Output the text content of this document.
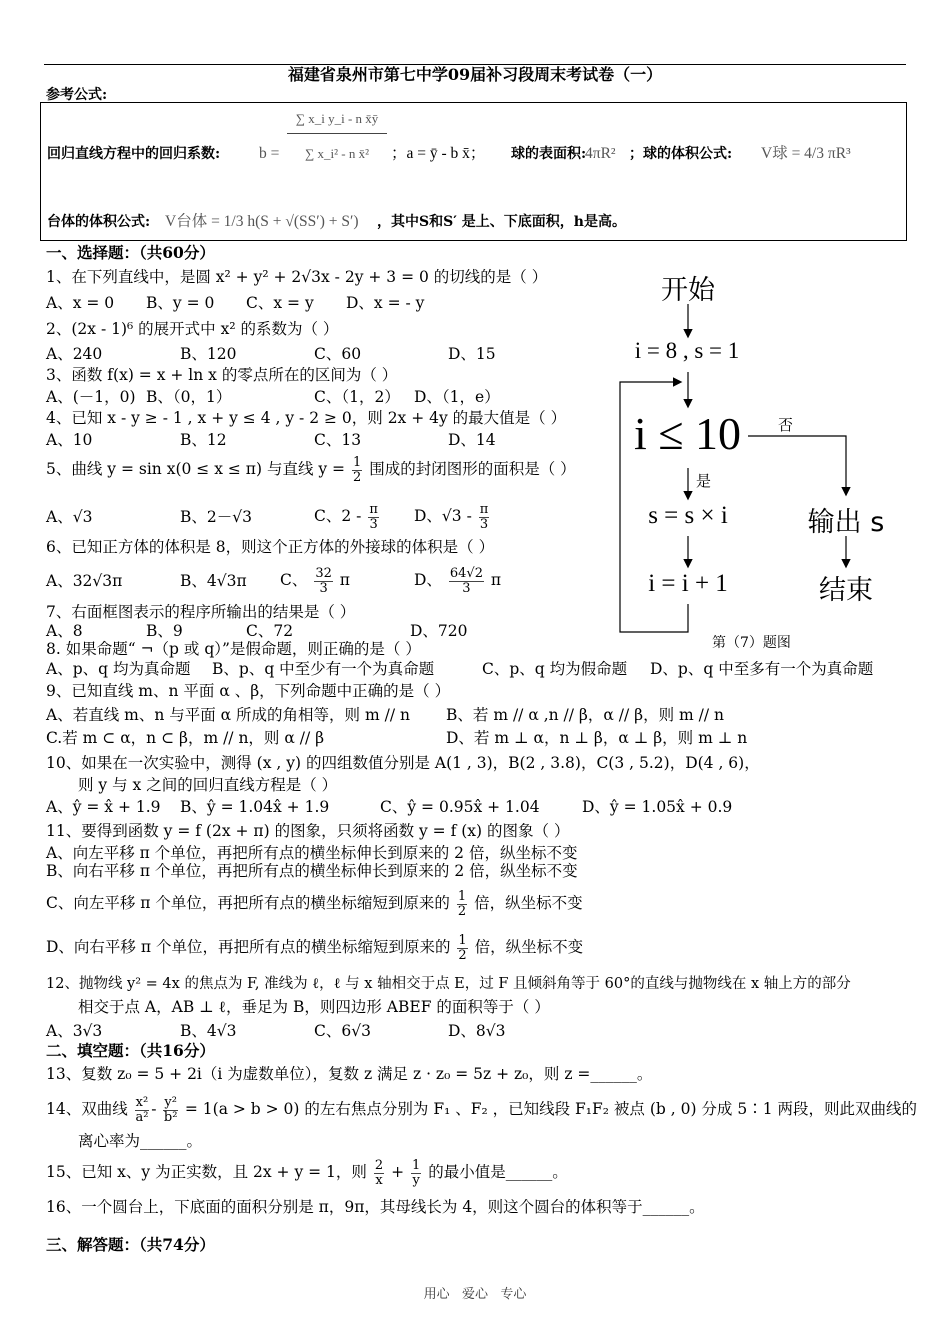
福建省泉州市第七中学09届补习段周末考试卷（一）
参考公式:
回归直线方程中的回归系数:	$b = \frac{\text{∑ x\_i y\_i - n x̄ȳ}}{\text{∑ x\_i² - n x̄²}}$ ；a = ȳ - b x̄； 球的表面积:
4πR² ；球的体积公式: V球 = 4/3 πR³
台体的体积公式: V台体 = 1/3 h(S + √(SS′) + S′) ，其中S和S′ 是上、下底面积，h是高。
一、选择题：（共60分）
1、在下列直线中，是圆 x² + y² + 2√3x - 2y + 3 = 0 的切线的是（ ）
A、x = 0 B、y = 0 C、x = y D、x = - y
2、(2x - 1)⁶ 的展开式中 x² 的系数为（ ）
A、240	B、120	C、60	D、15
3、函数 f(x) = x + ln x 的零点所在的区间为（ ）
A、(－1，0) B、（0，1）	C、（1，2） D、（1，e）
4、已知 x - y ≥ - 1 , x + y ≤ 4 , y - 2 ≥ 0，则 2x + 4y 的最大值是（ ）
A、10	B、12	C、13	D、14
5、曲线 y = sin x(0 ≤ x ≤ π) 与直线 $y = \frac{1}{2}$ 围成的封闭图形的面积是（ ）
A、√3	B、2－√3	C、$2 - \frac{\pi}{3}$ D、$√3 - \frac{\pi}{3}$
6、已知正方体的体积是 8，则这个正方体的外接球的体积是（ ）
A、32√3π	B、4√3π C、 $\frac{32}{3}$ π	D、 $\frac{64√2}{3}$ π
7、右面框图表示的程序所输出的结果是（ ）
A、8	B、9	C、72	D、720
8. 如果命题“ ¬（p 或 q）”是假命题，则正确的是（ ）
A、p、q 均为真命题 B、p、q 中至少有一个为真命题	C、p、q 均为假命题 D、p、q 中至多有一个为真命题
9、已知直线 m、n 平面 α 、β，下列命题中正确的是（ ）
A、若直线 m、n 与平面 α 所成的角相等，则 m // n B、若 m // α ,n // β，α // β，则 m // n
C.若 m ⊂ α，n ⊂ β，m // n，则 α // β	D、若 m ⊥ α，n ⊥ β，α ⊥ β，则 m ⊥ n
10、如果在一次实验中，测得 (x , y) 的四组数值分别是 A(1 , 3)，B(2 , 3.8)，C(3 , 5.2)，D(4 , 6)，
则 y 与 x 之间的回归直线方程是（ ）
A、ŷ = x̂ + 1.9 B、ŷ = 1.04x̂ + 1.9	C、ŷ = 0.95x̂ + 1.04	D、ŷ = 1.05x̂ + 0.9
11、要得到函数 y = f (2x + π) 的图象，只须将函数 y = f (x) 的图象（ ）
A、向左平移 π 个单位，再把所有点的横坐标伸长到原来的 2 倍，纵坐标不变
B、向右平移 π 个单位，再把所有点的横坐标伸长到原来的 2 倍，纵坐标不变
C、向左平移 π 个单位，再把所有点的横坐标缩短到原来的 $\frac{1}{2}$ 倍，纵坐标不变
D、向右平移 π 个单位，再把所有点的横坐标缩短到原来的 $\frac{1}{2}$ 倍，纵坐标不变
12、抛物线 y² = 4x 的焦点为 F, 准线为 ℓ，ℓ 与 x 轴相交于点 E，过 F 且倾斜角等于 60°的直线与抛物线在 x 轴上方的部分
相交于点 A，AB ⊥ ℓ，垂足为 B，则四边形 ABEF 的面积等于（ ）
A、3√3	B、4√3	C、6√3	D、8√3
二、填空题：（共16分）
13、复数 z₀ = 5 + 2i（i 为虚数单位），复数 z 满足 z · z₀ = 5z + z₀，则 z =______。
14、双曲线 $\frac{\text{x²}}{\text{a²}} - \frac{\text{y²}}{\text{b²}} = 1(a > b > 0)$ 的左右焦点分别为 F₁ 、F₂ ，已知线段 F₁F₂ 被点 (b , 0) 分成 5∶1 两段，则此双曲线的
离心率为______。
15、已知 x、y 为正实数，且 2x + y = 1，则 $\frac{2}{x} + \frac{1}{y}$ 的最小值是______。
16、一个圆台上，下底面的面积分别是 π，9π，其母线长为 4，则这个圆台的体积等于______。
三、解答题：（共74分）
开始
i = 8 , s = 1
i ≤ 10	否
是
s = s × i
i = i + 1
输出 s
结束
第（7）题图
用心   爱心   专心
